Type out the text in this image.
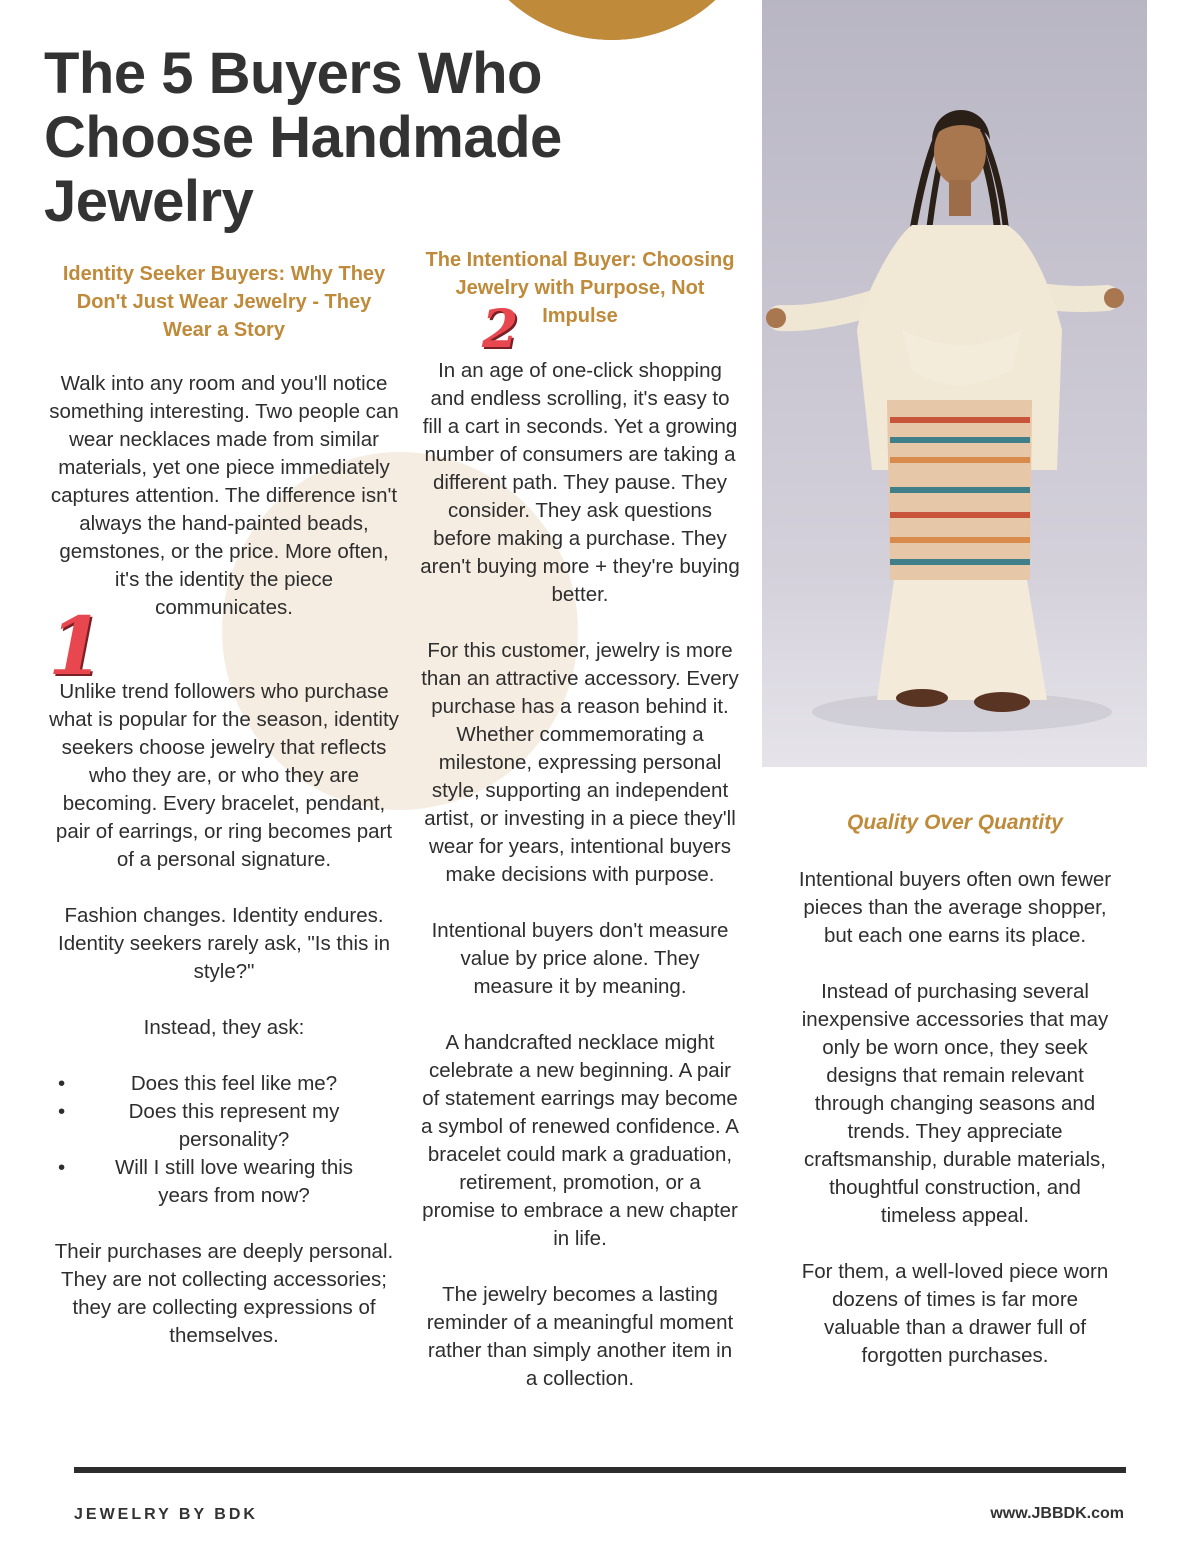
The 5 Buyers Who Choose Handmade Jewelry
Identity Seeker Buyers: Why They Don't Just Wear Jewelry - They Wear a Story
1

Walk into any room and you'll notice something interesting. Two people can wear necklaces made from similar materials, yet one piece immediately captures attention. The difference isn't always the hand-painted beads, gemstones, or the price. More often, it's the identity the piece communicates.

Unlike trend followers who purchase what is popular for the season, identity seekers choose jewelry that reflects who they are, or who they are becoming. Every bracelet, pendant, pair of earrings, or ring becomes part of a personal signature.

Fashion changes. Identity endures. Identity seekers rarely ask, "Is this in style?"

Instead, they ask:

•	Does this feel like me?
•	Does this represent my personality?
•	Will I still love wearing this years from now?

Their purchases are deeply personal. They are not collecting accessories; they are collecting expressions of themselves.

The Intentional Buyer: Choosing Jewelry with Purpose, Not Impulse
2

In an age of one-click shopping and endless scrolling, it's easy to fill a cart in seconds. Yet a growing number of consumers are taking a different path. They pause. They consider. They ask questions before making a purchase. They aren't buying more + they're buying better.

For this customer, jewelry is more than an attractive accessory. Every purchase has a reason behind it. Whether commemorating a milestone, expressing personal style, supporting an independent artist, or investing in a piece they'll wear for years, intentional buyers make decisions with purpose.

Intentional buyers don't measure value by price alone. They measure it by meaning.

A handcrafted necklace might celebrate a new beginning. A pair of statement earrings may become a symbol of renewed confidence. A bracelet could mark a graduation, retirement, promotion, or a promise to embrace a new chapter in life.

The jewelry becomes a lasting reminder of a meaningful moment rather than simply another item in a collection.

Quality Over Quantity

Intentional buyers often own fewer pieces than the average shopper, but each one earns its place.

Instead of purchasing several inexpensive accessories that may only be worn once, they seek designs that remain relevant through changing seasons and trends. They appreciate craftsmanship, durable materials, thoughtful construction, and timeless appeal.

For them, a well-loved piece worn dozens of times is far more valuable than a drawer full of forgotten purchases.

JEWELRY BY BDK	www.JBBDK.com
